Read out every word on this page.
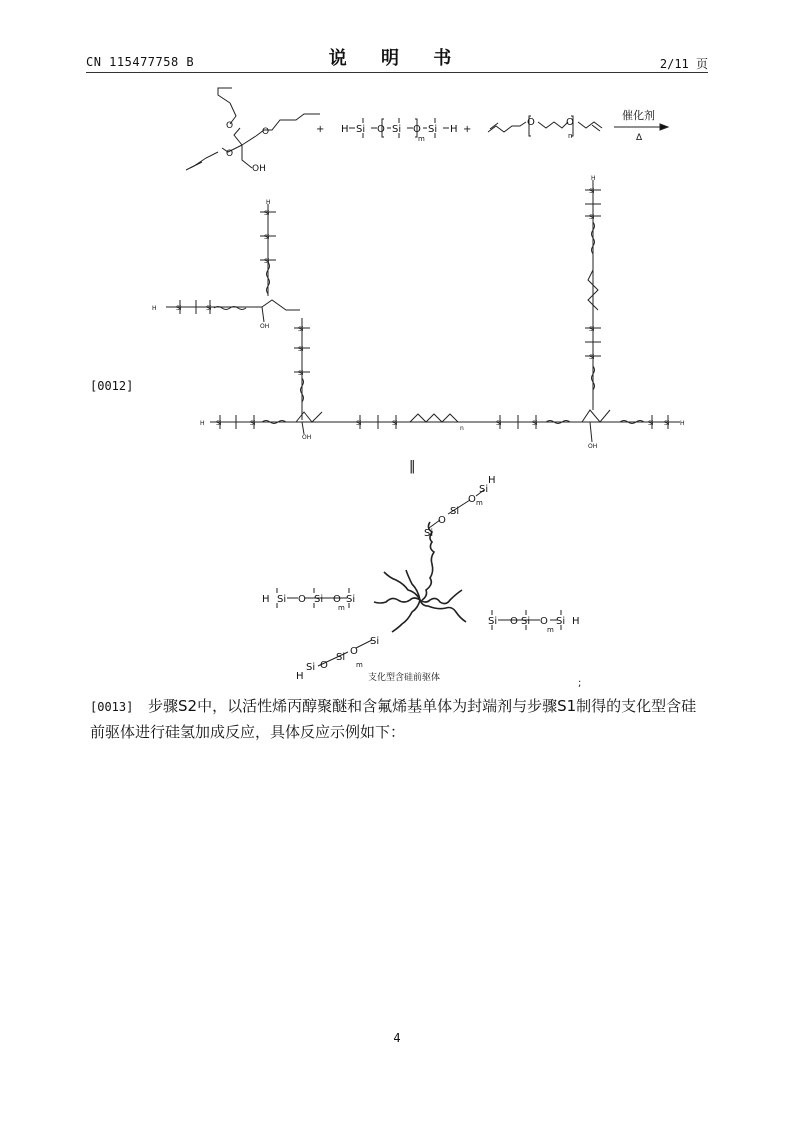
CN 115477758 B	说 明 书	2/11 页
[0012]
OH
O
O
O
+ H Si O Si O Si H
m
+
O	O
n
催化剂
Δ
H
Si
Si
Si
H	Si	Si
OH	Si
Si
Si
H Si	Si
OH
Si	Si
n
Si	Si
OH
Si Si H
H
Si
Si
Si
Si
‖
H Si O Si O Si
m
Si O Si O Si H
m
Si
O
Si
O
Si
H
m
Si
O
Si
O
Si
H
m
支化型含硅前驱体	;
[0013] 步骤S2中，以活性烯丙醇聚醚和含氟烯基单体为封端剂与步骤S1制得的支化型含硅前驱体进行硅氢加成反应，具体反应示例如下：
4
